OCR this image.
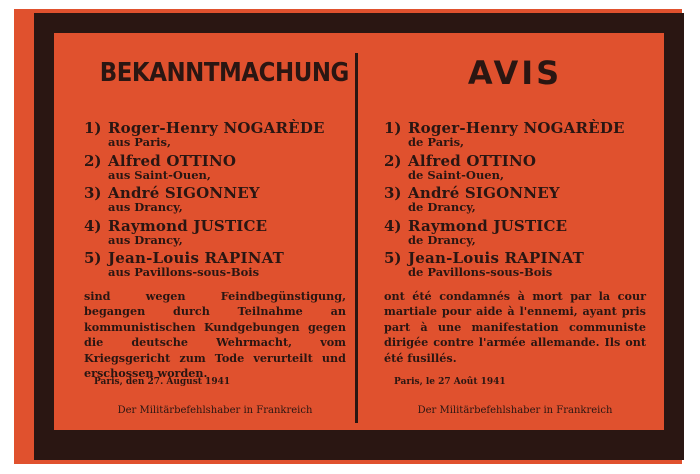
BEKANNTMACHUNG
1) Roger-Henry NOGARÈDE
aus Paris,
2) Alfred OTTINO
aus Saint-Ouen,
3) André SIGONNEY
aus Drancy,
4) Raymond JUSTICE
aus Drancy,
5) Jean-Louis RAPINAT
aus Pavillons-sous-Bois

sind wegen Feindbegünstigung, begangen durch Teilnahme an kommunistischen Kundgebungen gegen die deutsche Wehrmacht, vom Kriegsgericht zum Tode verurteilt und erschossen worden.

Paris, den 27. August 1941
Der Militärbefehlshaber in Frankreich
AVIS
1) Roger-Henry NOGARÈDE
de Paris,
2) Alfred OTTINO
de Saint-Ouen,
3) André SIGONNEY
de Drancy,
4) Raymond JUSTICE
de Drancy,
5) Jean-Louis RAPINAT
de Pavillons-sous-Bois

ont été condamnés à mort par la cour martiale pour aide à l'ennemi, ayant pris part à une manifestation communiste dirigée contre l'armée allemande. Ils ont été fusillés.

Paris, le 27 Août 1941
Der Militärbefehlshaber in Frankreich
